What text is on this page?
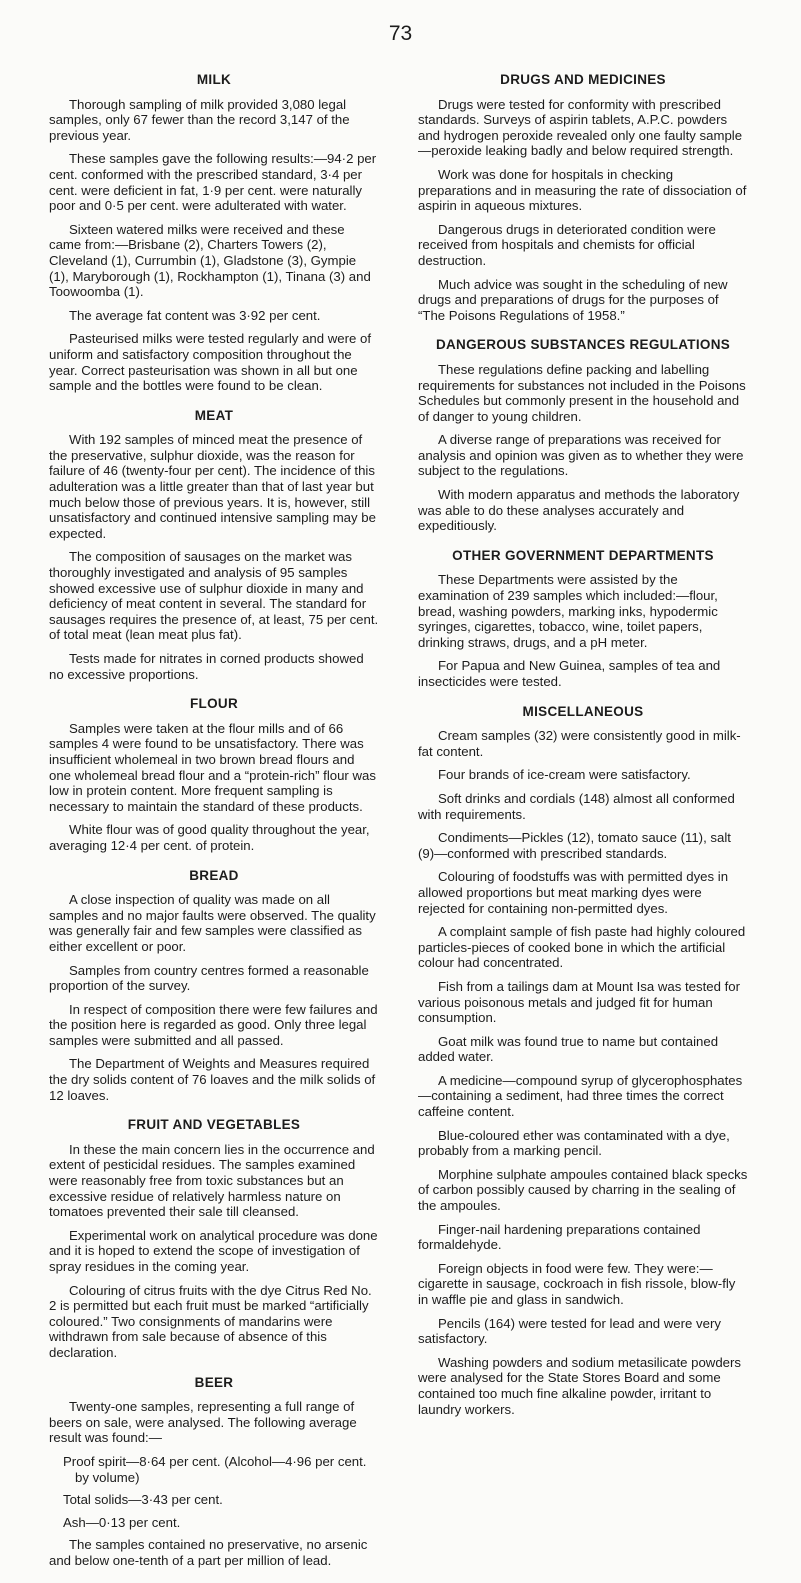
73
MILK

Thorough sampling of milk provided 3,080 legal samples, only 67 fewer than the record 3,147 of the previous year.

These samples gave the following results:—94·2 per cent. conformed with the prescribed standard, 3·4 per cent. were deficient in fat, 1·9 per cent. were naturally poor and 0·5 per cent. were adulterated with water.

Sixteen watered milks were received and these came from:—Brisbane (2), Charters Towers (2), Cleveland (1), Currumbin (1), Gladstone (3), Gympie (1), Maryborough (1), Rockhampton (1), Tinana (3) and Toowoomba (1).

The average fat content was 3·92 per cent.

Pasteurised milks were tested regularly and were of uniform and satisfactory composition throughout the year. Correct pasteurisation was shown in all but one sample and the bottles were found to be clean.

MEAT

With 192 samples of minced meat the presence of the preservative, sulphur dioxide, was the reason for failure of 46 (twenty-four per cent). The incidence of this adulteration was a little greater than that of last year but much below those of previous years. It is, however, still unsatisfactory and continued intensive sampling may be expected.

The composition of sausages on the market was thoroughly investigated and analysis of 95 samples showed excessive use of sulphur dioxide in many and deficiency of meat content in several. The standard for sausages requires the presence of, at least, 75 per cent. of total meat (lean meat plus fat).

Tests made for nitrates in corned products showed no excessive proportions.

FLOUR

Samples were taken at the flour mills and of 66 samples 4 were found to be unsatisfactory. There was insufficient wholemeal in two brown bread flours and one wholemeal bread flour and a “protein-rich” flour was low in protein content. More frequent sampling is necessary to maintain the standard of these products.

White flour was of good quality throughout the year, averaging 12·4 per cent. of protein.

BREAD

A close inspection of quality was made on all samples and no major faults were observed. The quality was generally fair and few samples were classified as either excellent or poor.

Samples from country centres formed a reasonable proportion of the survey.

In respect of composition there were few failures and the position here is regarded as good. Only three legal samples were submitted and all passed.

The Department of Weights and Measures required the dry solids content of 76 loaves and the milk solids of 12 loaves.

FRUIT AND VEGETABLES

In these the main concern lies in the occurrence and extent of pesticidal residues. The samples examined were reasonably free from toxic substances but an excessive residue of relatively harmless nature on tomatoes prevented their sale till cleansed.

Experimental work on analytical procedure was done and it is hoped to extend the scope of investigation of spray residues in the coming year.

Colouring of citrus fruits with the dye Citrus Red No. 2 is permitted but each fruit must be marked “artificially coloured.” Two consignments of mandarins were withdrawn from sale because of absence of this declaration.

BEER

Twenty-one samples, representing a full range of beers on sale, were analysed. The following average result was found:—

Proof spirit—8·64 per cent. (Alcohol—4·96 per cent. by volume)

Total solids—3·43 per cent.

Ash—0·13 per cent.

The samples contained no preservative, no arsenic and below one-tenth of a part per million of lead.

DRUGS AND MEDICINES

Drugs were tested for conformity with prescribed standards. Surveys of aspirin tablets, A.P.C. powders and hydrogen peroxide revealed only one faulty sample—peroxide leaking badly and below required strength.

Work was done for hospitals in checking preparations and in measuring the rate of dissociation of aspirin in aqueous mixtures.

Dangerous drugs in deteriorated condition were received from hospitals and chemists for official destruction.

Much advice was sought in the scheduling of new drugs and preparations of drugs for the purposes of “The Poisons Regulations of 1958.”

DANGEROUS SUBSTANCES REGULATIONS

These regulations define packing and labelling requirements for substances not included in the Poisons Schedules but commonly present in the household and of danger to young children.

A diverse range of preparations was received for analysis and opinion was given as to whether they were subject to the regulations.

With modern apparatus and methods the laboratory was able to do these analyses accurately and expeditiously.

OTHER GOVERNMENT DEPARTMENTS

These Departments were assisted by the examination of 239 samples which included:—flour, bread, washing powders, marking inks, hypodermic syringes, cigarettes, tobacco, wine, toilet papers, drinking straws, drugs, and a pH meter.

For Papua and New Guinea, samples of tea and insecticides were tested.

MISCELLANEOUS

Cream samples (32) were consistently good in milk-fat content.

Four brands of ice-cream were satisfactory.

Soft drinks and cordials (148) almost all conformed with requirements.

Condiments—Pickles (12), tomato sauce (11), salt (9)—conformed with prescribed standards.

Colouring of foodstuffs was with permitted dyes in allowed proportions but meat marking dyes were rejected for containing non-permitted dyes.

A complaint sample of fish paste had highly coloured particles-pieces of cooked bone in which the artificial colour had concentrated.

Fish from a tailings dam at Mount Isa was tested for various poisonous metals and judged fit for human consumption.

Goat milk was found true to name but contained added water.

A medicine—compound syrup of glycerophosphates—containing a sediment, had three times the correct caffeine content.

Blue-coloured ether was contaminated with a dye, probably from a marking pencil.

Morphine sulphate ampoules contained black specks of carbon possibly caused by charring in the sealing of the ampoules.

Finger-nail hardening preparations contained formaldehyde.

Foreign objects in food were few. They were:—cigarette in sausage, cockroach in fish rissole, blow-fly in waffle pie and glass in sandwich.

Pencils (164) were tested for lead and were very satisfactory.

Washing powders and sodium metasilicate powders were analysed for the State Stores Board and some contained too much fine alkaline powder, irritant to laundry workers.
